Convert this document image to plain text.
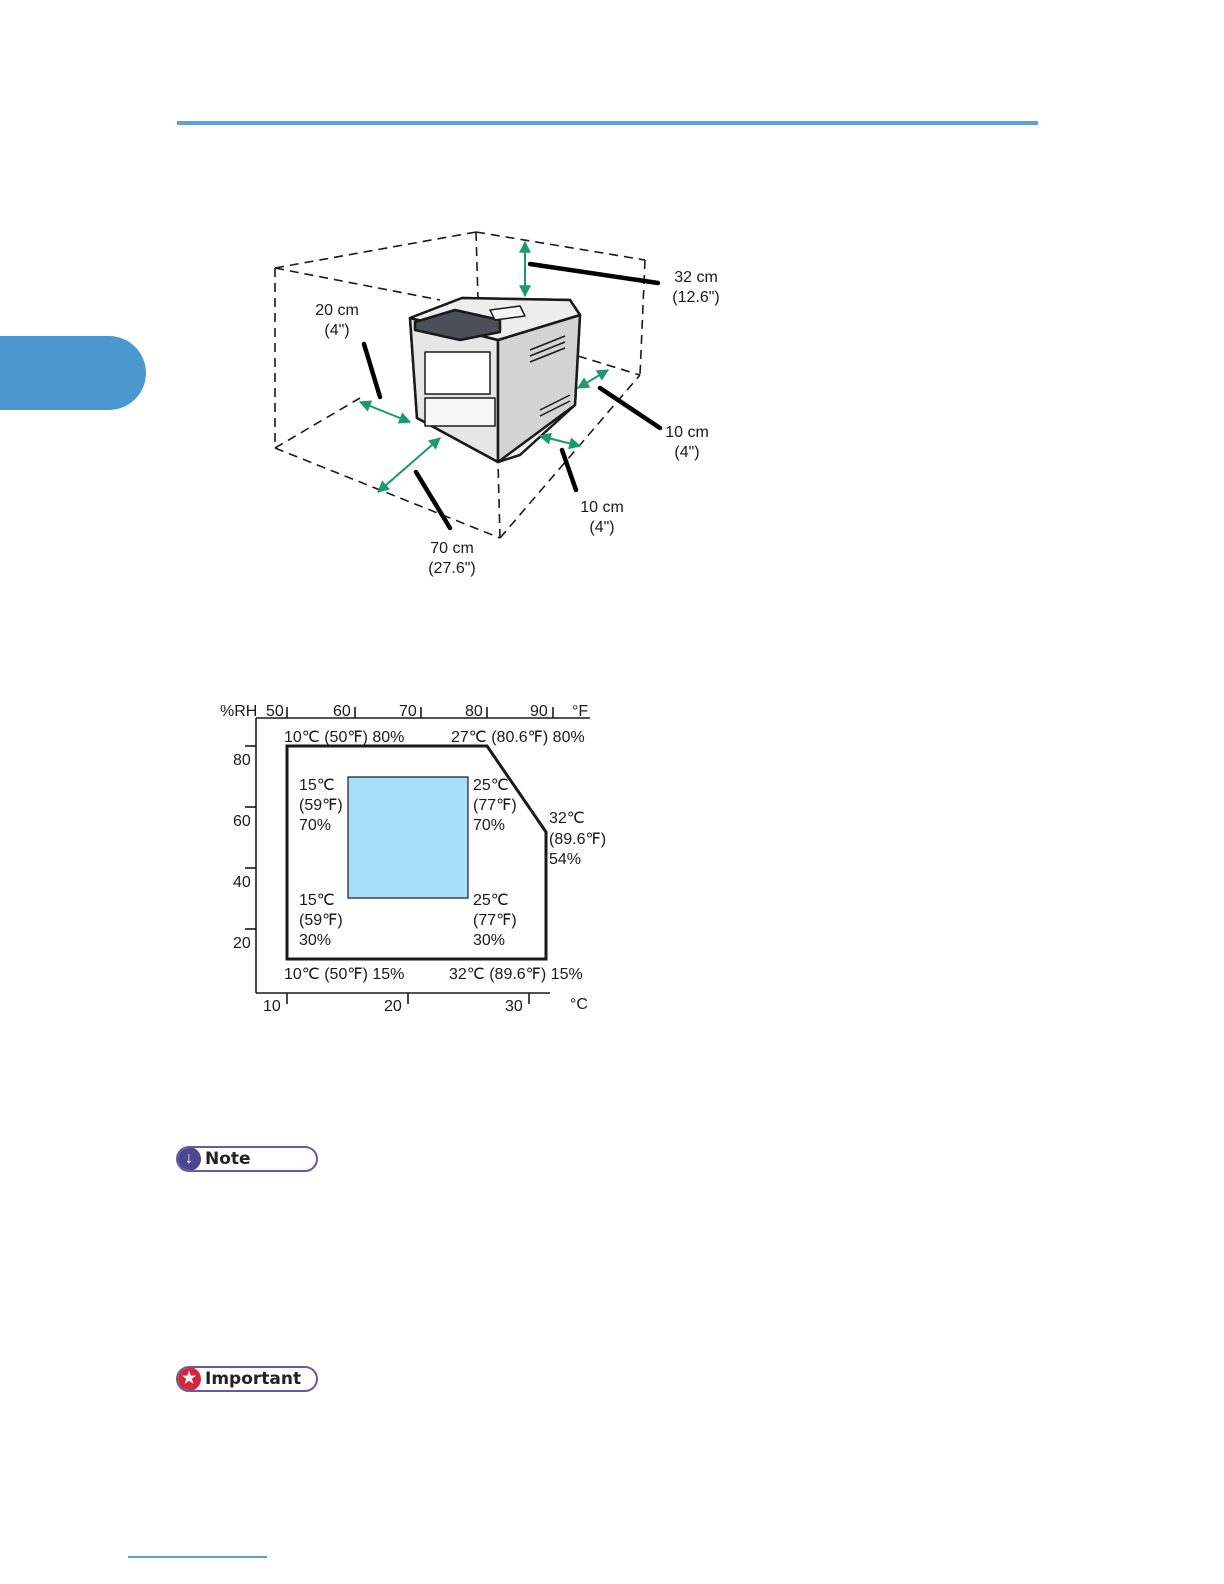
32 cm
(12.6")
20 cm
(4")
10 cm
(4")
10 cm
(4")
70 cm
(27.6")
%RH	°F
°C
50	60	70	80	90
80
60
40
20
10	20	30
10℃ (50℉) 80%	27℃ (80.6℉) 80%
32℃
(89.6℉)
54%
10℃ (50℉) 15%	32℃ (89.6℉) 15%
15℃
(59℉)
70%
25℃
(77℉)
70%
15℃
(59℉)
30%
25℃
(77℉)
30%
↓ Note
★ Important
